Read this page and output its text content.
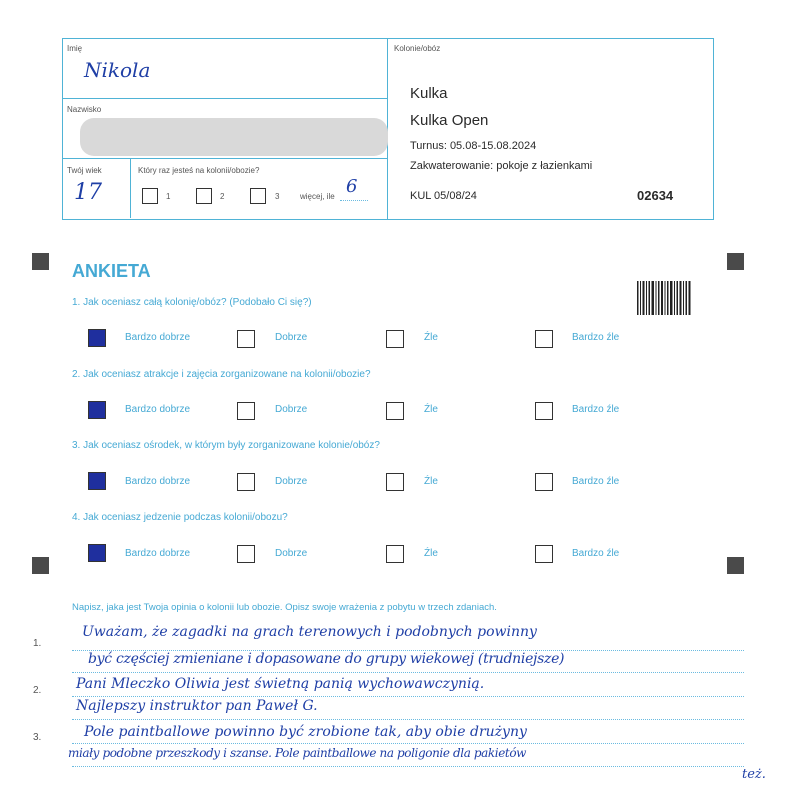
Imię
Nikola
Nazwisko
Twój wiek
17
Który raz jesteś na kolonii/obozie?
1	2	3	więcej, ile 6
Kolonie/obóz
Kulka
Kulka Open
Turnus: 05.08-15.08.2024
Zakwaterowanie: pokoje z łazienkami
KUL 05/08/24	02634
ANKIETA
1. Jak oceniasz całą kolonię/obóz? (Podobało Ci się?)
Bardzo dobrze	Dobrze	Źle	Bardzo źle
2. Jak oceniasz atrakcje i zajęcia zorganizowane na kolonii/obozie?
Bardzo dobrze	Dobrze	Źle	Bardzo źle
3. Jak oceniasz ośrodek, w którym były zorganizowane kolonie/obóz?
Bardzo dobrze	Dobrze	Źle	Bardzo źle
4. Jak oceniasz jedzenie podczas kolonii/obozu?
Bardzo dobrze	Dobrze	Źle	Bardzo źle
Napisz, jaka jest Twoja opinia o kolonii lub obozie. Opisz swoje wrażenia z pobytu w trzech zdaniach.
1.
2.
3.
Uważam, że zagadki na grach terenowych i podobnych powinny
być częściej zmieniane i dopasowane do grupy wiekowej (trudniejsze)
Pani Mleczko Oliwia jest świetną panią wychowawczynią.
Najlepszy instruktor pan Paweł G.
Pole paintballowe powinno być zrobione tak, aby obie drużyny
miały podobne przeszkody i szanse. Pole paintballowe na poligonie dla pakietów
też.
